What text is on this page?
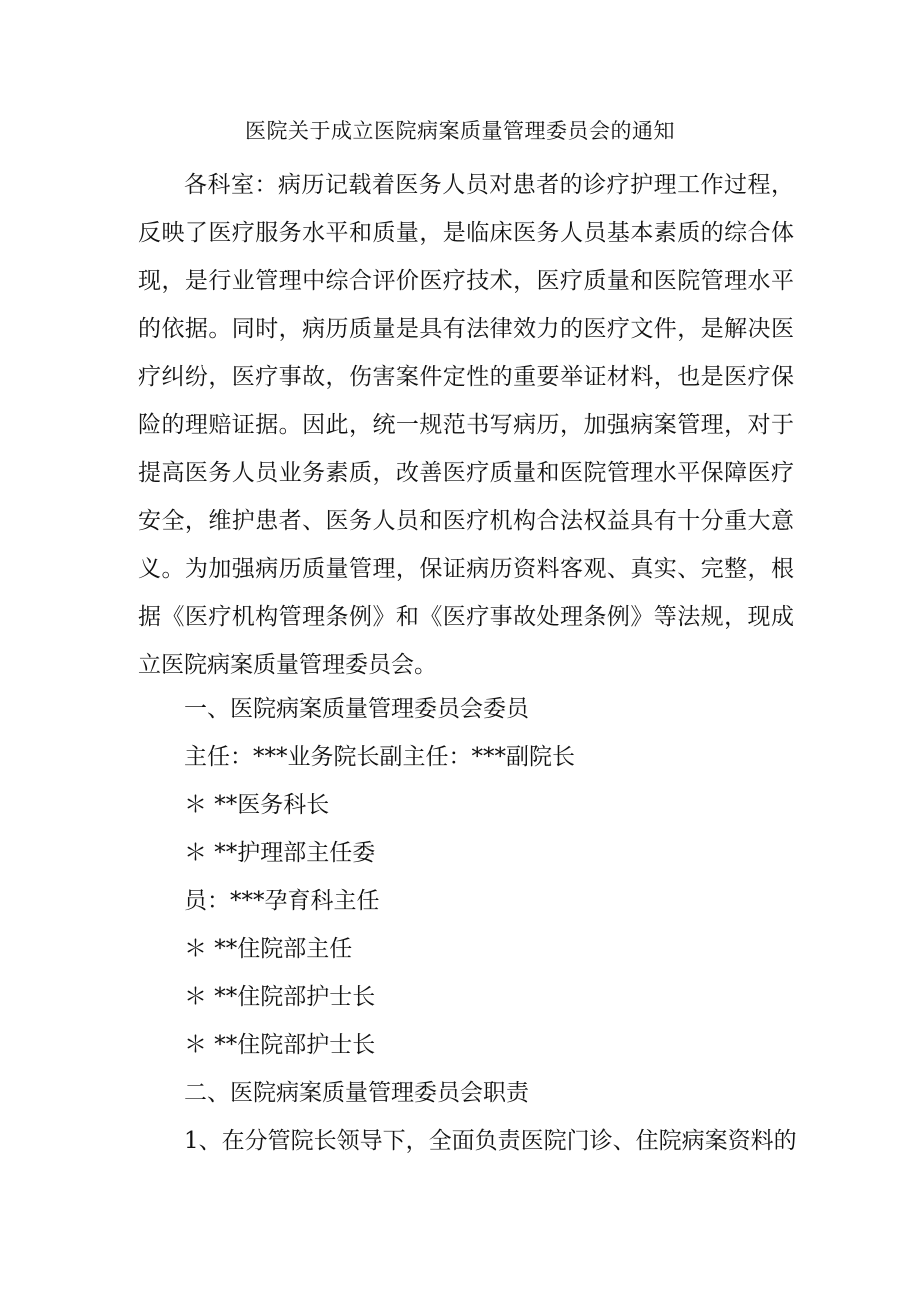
医院关于成立医院病案质量管理委员会的通知

各科室：病历记载着医务人员对患者的诊疗护理工作过程，反映了医疗服务水平和质量，是临床医务人员基本素质的综合体现，是行业管理中综合评价医疗技术，医疗质量和医院管理水平的依据。同时，病历质量是具有法律效力的医疗文件，是解决医疗纠纷，医疗事故，伤害案件定性的重要举证材料，也是医疗保险的理赔证据。因此，统一规范书写病历，加强病案管理，对于提高医务人员业务素质，改善医疗质量和医院管理水平保障医疗安全，维护患者、医务人员和医疗机构合法权益具有十分重大意义。为加强病历质量管理，保证病历资料客观、真实、完整，根据《医疗机构管理条例》和《医疗事故处理条例》等法规，现成立医院病案质量管理委员会。

一、医院病案质量管理委员会委员

主任：***业务院长副主任：***副院长

＊ **医务科长

＊ **护理部主任委

员：***孕育科主任

＊ **住院部主任

＊ **住院部护士长

＊ **住院部护士长

二、医院病案质量管理委员会职责

1、在分管院长领导下，全面负责医院门诊、住院病案资料的
